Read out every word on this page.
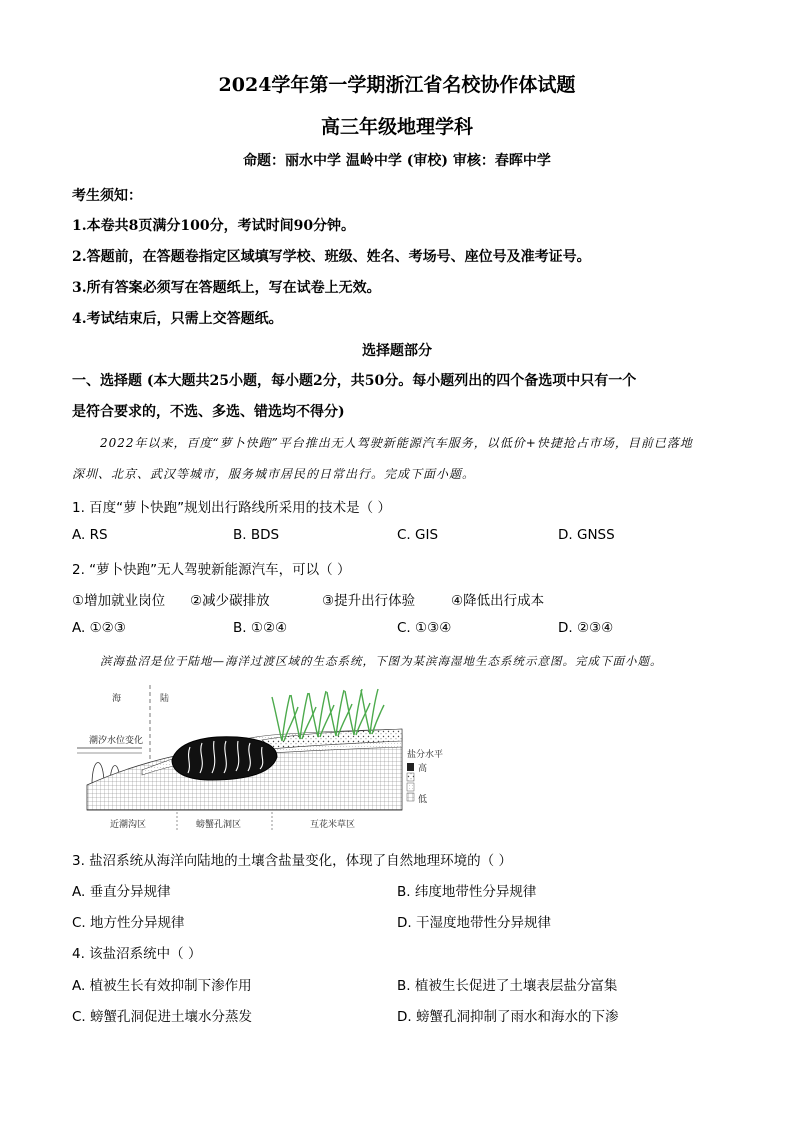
2024学年第一学期浙江省名校协作体试题
高三年级地理学科
命题：丽水中学 温岭中学 (审校) 审核：春晖中学
考生须知：
1.本卷共8页满分100分，考试时间90分钟。
2.答题前，在答题卷指定区域填写学校、班级、姓名、考场号、座位号及准考证号。
3.所有答案必须写在答题纸上，写在试卷上无效。
4.考试结束后，只需上交答题纸。
选择题部分
一、选择题 (本大题共25小题，每小题2分，共50分。每小题列出的四个备选项中只有一个
是符合要求的，不选、多选、错选均不得分)
2022年以来，百度“萝卜快跑”平台推出无人驾驶新能源汽车服务，以低价+快捷抢占市场，目前已落地
深圳、北京、武汉等城市，服务城市居民的日常出行。完成下面小题。
1. 百度“萝卜快跑”规划出行路线所采用的技术是（ ）
A. RS	B. BDS	C. GIS	D. GNSS
2. “萝卜快跑”无人驾驶新能源汽车，可以（ ）
①增加就业岗位 ②减少碳排放	③提升出行体验	④降低出行成本
A. ①②③	B. ①②④	C. ①③④	D. ②③④
滨海盐沼是位于陆地—海洋过渡区域的生态系统，下图为某滨海湿地生态系统示意图。完成下面小题。
海	陆
潮汐水位变化
盐分水平
高
低
近潮沟区	螃蟹孔洞区	互花米草区
3. 盐沼系统从海洋向陆地的土壤含盐量变化，体现了自然地理环境的（ ）
A. 垂直分异规律	B. 纬度地带性分异规律
C. 地方性分异规律	D. 干湿度地带性分异规律
4. 该盐沼系统中（ ）
A. 植被生长有效抑制下渗作用	B. 植被生长促进了土壤表层盐分富集
C. 螃蟹孔洞促进土壤水分蒸发	D. 螃蟹孔洞抑制了雨水和海水的下渗
